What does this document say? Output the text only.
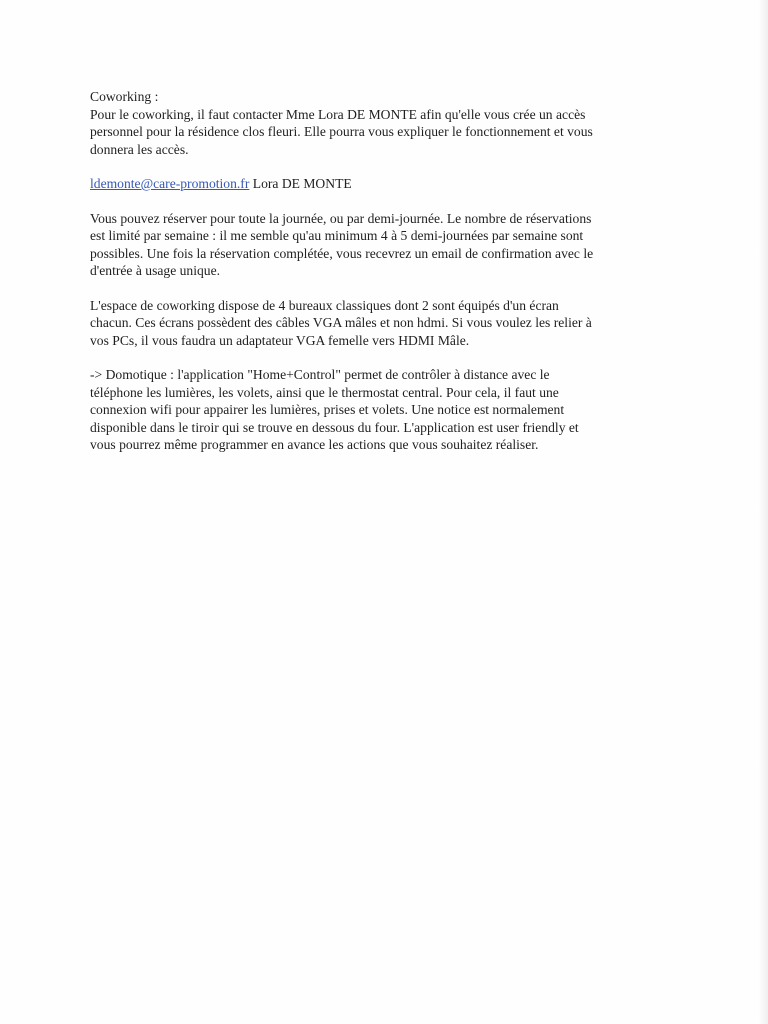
Coworking :
Pour le coworking, il faut contacter Mme Lora DE MONTE afin qu'elle vous crée un accès
personnel pour la résidence clos fleuri. Elle pourra vous expliquer le fonctionnement et vous
donnera les accès.

ldemonte@care-promotion.fr Lora DE MONTE

Vous pouvez réserver pour toute la journée, ou par demi-journée. Le nombre de réservations
est limité par semaine : il me semble qu'au minimum 4 à 5 demi-journées par semaine sont
possibles. Une fois la réservation complétée, vous recevrez un email de confirmation avec le
d'entrée à usage unique.

L'espace de coworking dispose de 4 bureaux classiques dont 2 sont équipés d'un écran
chacun. Ces écrans possèdent des câbles VGA mâles et non hdmi. Si vous voulez les relier à
vos PCs, il vous faudra un adaptateur VGA femelle vers HDMI Mâle.

-> Domotique : l'application "Home+Control" permet de contrôler à distance avec le
téléphone les lumières, les volets, ainsi que le thermostat central. Pour cela, il faut une
connexion wifi pour appairer les lumières, prises et volets. Une notice est normalement
disponible dans le tiroir qui se trouve en dessous du four. L'application est user friendly et
vous pourrez même programmer en avance les actions que vous souhaitez réaliser.
